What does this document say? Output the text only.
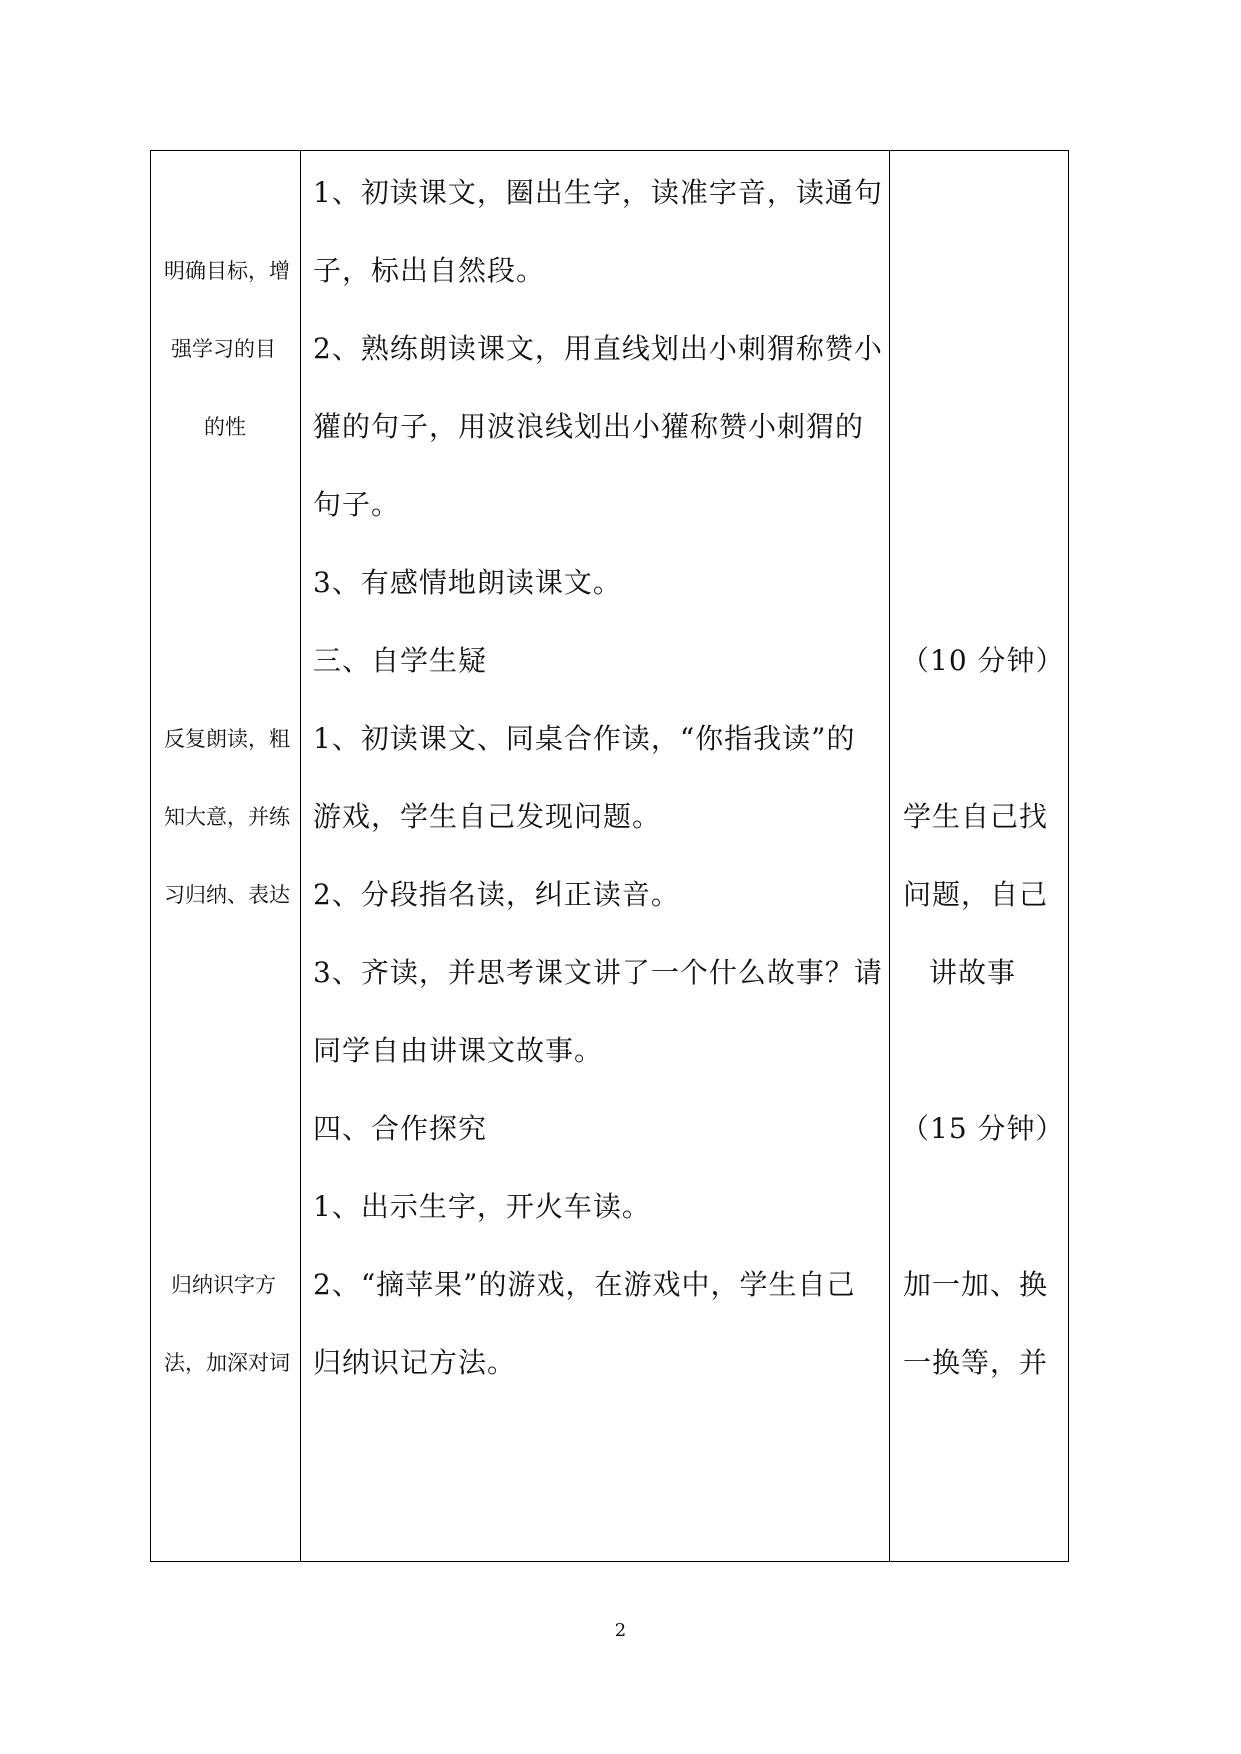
明确目标，增
强学习的目
的性
反复朗读，粗
知大意，并练
习归纳、表达
归纳识字方
法，加深对词
1、初读课文，圈出生字，读准字音，读通句
子，标出自然段。
2、熟练朗读课文，用直线划出小刺猬称赞小
獾的句子，用波浪线划出小獾称赞小刺猬的
句子。
3、有感情地朗读课文。
三、自学生疑
1、初读课文、同桌合作读，“你指我读”的
游戏，学生自己发现问题。
2、分段指名读，纠正读音。
3、齐读，并思考课文讲了一个什么故事？请
同学自由讲课文故事。
四、合作探究
1、出示生字，开火车读。
2、“摘苹果”的游戏，在游戏中，学生自己
归纳识记方法。
（10 分钟）
学生自己找
问题，自己
讲故事
（15 分钟）
加一加、换
一换等，并
2
